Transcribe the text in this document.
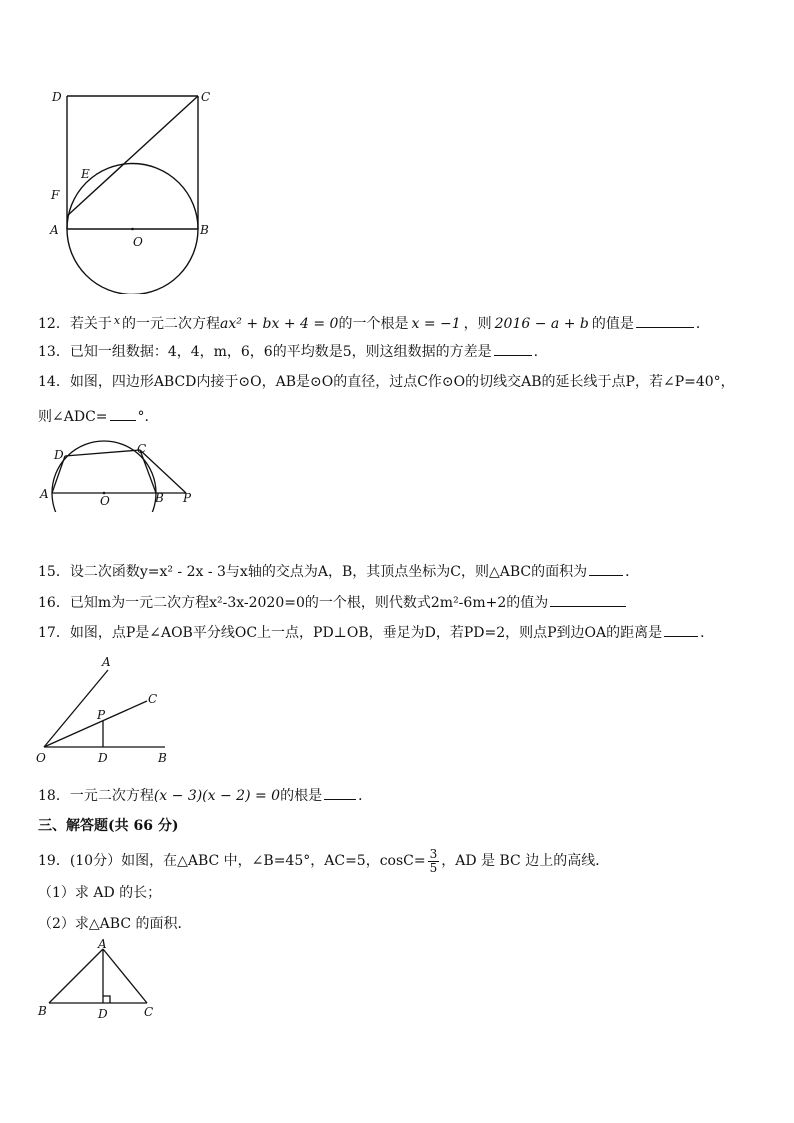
D	C
E
F
A	B
O
12．若关于 $^x$ 的一元二次方程ax² + bx + 4 = 0的一个根是 x = −1 ，则 2016 − a + b 的值是	．
13．已知一组数据：4，4，m，6，6的平均数是5，则这组数据的方差是	.
14．如图，四边形ABCD内接于⊙O，AB是⊙O的直径，过点C作⊙O的切线交AB的延长线于点P，若∠P=40°，
则∠ADC= °.
D	C
A	O	B P
15．设二次函数y=x² - 2x - 3与x轴的交点为A，B，其顶点坐标为C，则△ABC的面积为	．
16．已知m为一元二次方程x²-3x-2020=0的一个根，则代数式2m²-6m+2的值为
17．如图，点P是∠AOB平分线OC上一点，PD⊥OB，垂足为D，若PD=2，则点P到边OA的距离是	．
A
C
P
O	D	B
18．一元二次方程(x − 3)(x − 2) = 0的根是	．
三、解答题(共 66 分)
19．(10分）如图，在△ABC 中，∠B=45°，AC=5，$\cos C= \frac{3}{5}$ ，AD 是 BC 边上的高线．
（1）求 AD 的长；
（2）求△ABC 的面积．
A
B	D	C
